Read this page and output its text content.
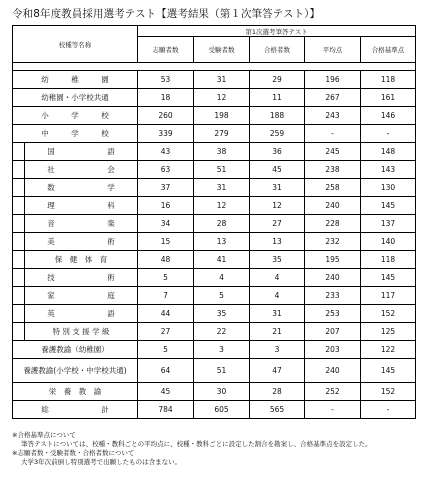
令和8年度教員採用選考テスト【選考結果（第１次筆答テスト）】
校種等名称		第1次選考筆答テスト				
		志願者数	受験者数	合格者数	平均点	合格基準点

幼　　　稚　　　園		53	31	29	196	118
幼稚園・小学校共通		18	12	11	267	161
小　　　学　　　校		260	198	188	243	146
中　　　学　　　校		339	279	259	-	-
	国　　　　　　　語	43	38	36	245	148
	社　　　　　　　会	63	51	45	238	143
	数　　　　　　　学	37	31	31	258	130
	理　　　　　　　科	16	12	12	240	145
	音　　　　　　　楽	34	28	27	228	137
	美　　　　　　　術	15	13	13	232	140
	保　健　体　育	48	41	35	195	118
	技　　　　　　　術	5	4	4	240	145
	家　　　　　　　庭	7	5	4	233	117
	英　　　　　　　語	44	35	31	253	152
	特 別 支 援 学 級	27	22	21	207	125
養護教諭（幼稚園）		5	3	3	203	122
養護教諭(小学校・中学校共通)		64	51	47	240	145
栄　養　教　諭		45	30	28	252	152
総　　　　　　　計		784	605	565	-	-
※合格基準点について
筆答テストについては、校種・教科ごとの平均点に、校種・教科ごとに設定した割合を勘案し、合格基準点を設定した。
※志願者数・受験者数・合格者数について
大学3年次前倒し特別選考で出願したものは含まない。
